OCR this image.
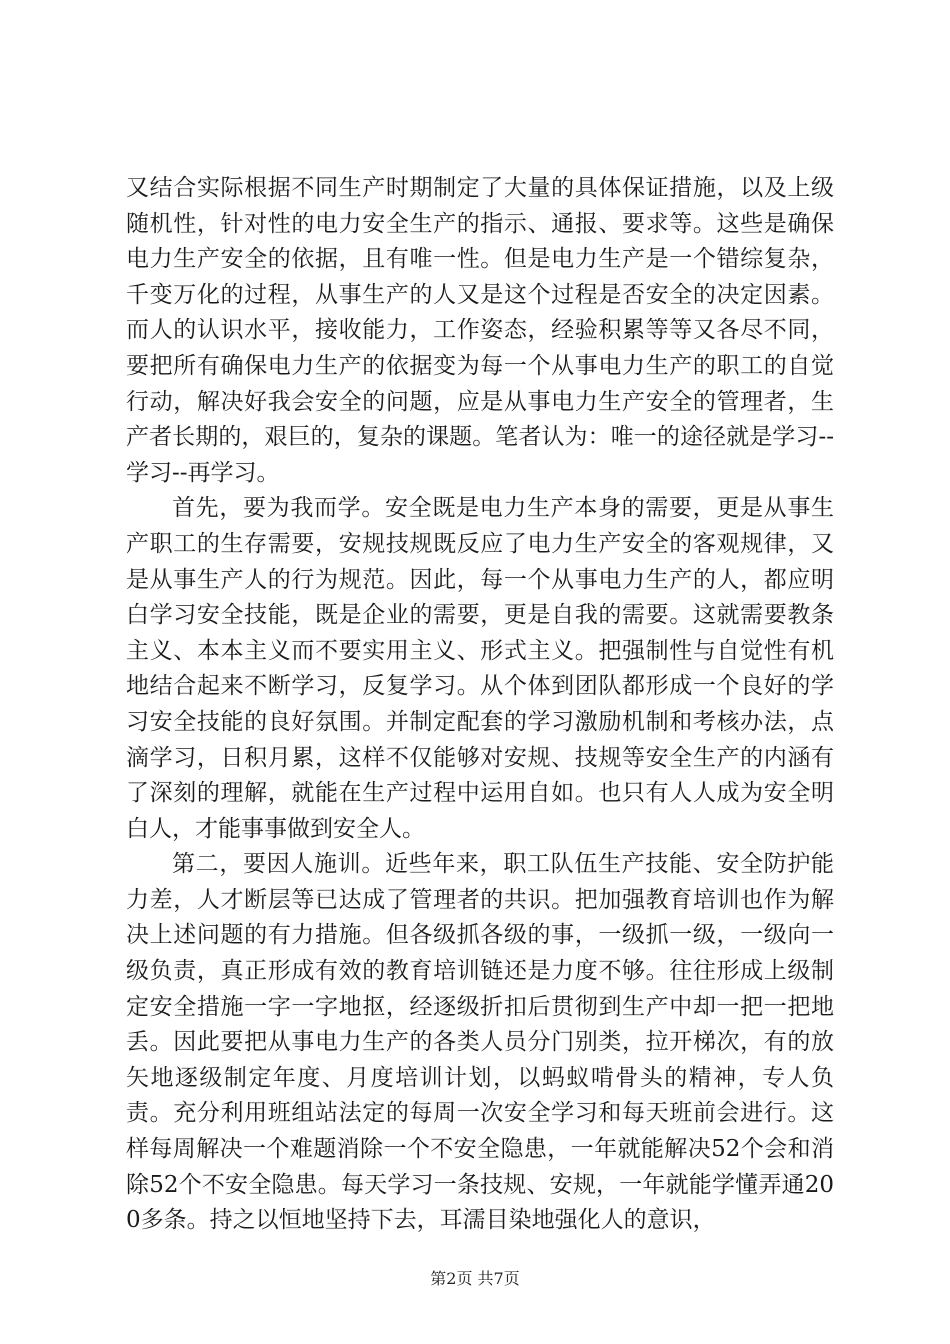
又结合实际根据不同生产时期制定了大量的具体保证措施，以及上级随机性，针对性的电力安全生产的指示、通报、要求等。这些是确保电力生产安全的依据，且有唯一性。但是电力生产是一个错综复杂，千变万化的过程，从事生产的人又是这个过程是否安全的决定因素。而人的认识水平，接收能力，工作姿态，经验积累等等又各尽不同，要把所有确保电力生产的依据变为每一个从事电力生产的职工的自觉行动，解决好我会安全的问题，应是从事电力生产安全的管理者，生产者长期的，艰巨的，复杂的课题。笔者认为：唯一的途径就是学习--学习--再学习。

首先，要为我而学。安全既是电力生产本身的需要，更是从事生产职工的生存需要，安规技规既反应了电力生产安全的客观规律，又是从事生产人的行为规范。因此，每一个从事电力生产的人，都应明白学习安全技能，既是企业的需要，更是自我的需要。这就需要教条主义、本本主义而不要实用主义、形式主义。把强制性与自觉性有机地结合起来不断学习，反复学习。从个体到团队都形成一个良好的学习安全技能的良好氛围。并制定配套的学习激励机制和考核办法，点滴学习，日积月累，这样不仅能够对安规、技规等安全生产的内涵有了深刻的理解，就能在生产过程中运用自如。也只有人人成为安全明白人，才能事事做到安全人。

第二，要因人施训。近些年来，职工队伍生产技能、安全防护能力差，人才断层等已达成了管理者的共识。把加强教育培训也作为解决上述问题的有力措施。但各级抓各级的事，一级抓一级，一级向一级负责，真正形成有效的教育培训链还是力度不够。往往形成上级制定安全措施一字一字地抠，经逐级折扣后贯彻到生产中却一把一把地丢。因此要把从事电力生产的各类人员分门别类，拉开梯次，有的放矢地逐级制定年度、月度培训计划，以蚂蚁啃骨头的精神，专人负责。充分利用班组站法定的每周一次安全学习和每天班前会进行。这样每周解决一个难题消除一个不安全隐患，一年就能解决52个会和消除52个不安全隐患。每天学习一条技规、安规，一年就能学懂弄通200多条。持之以恒地坚持下去，耳濡目染地强化人的意识，

第2页 共7页
